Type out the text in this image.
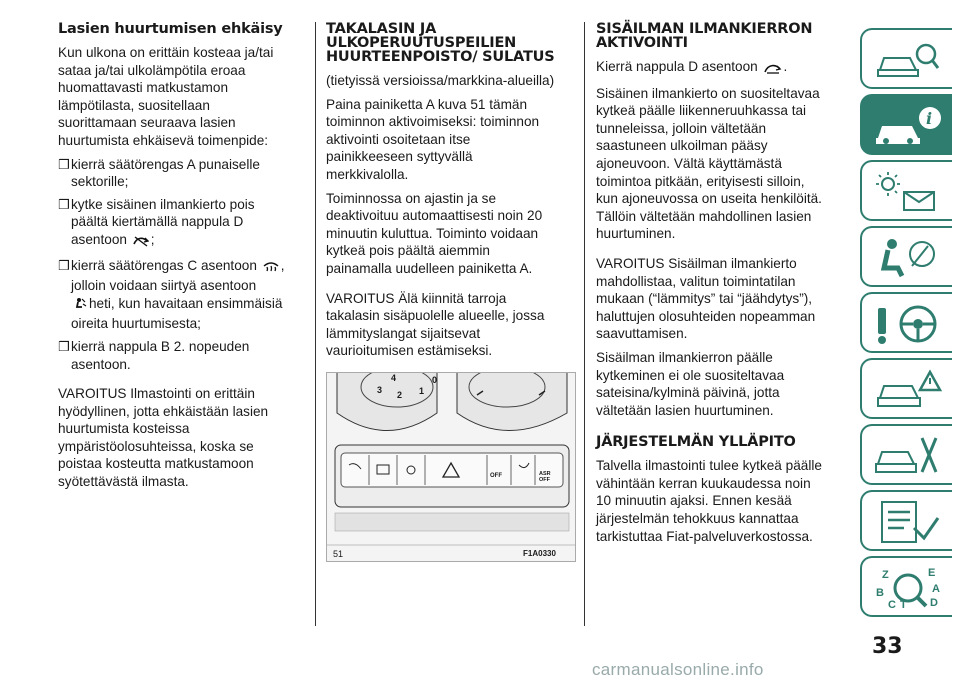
Lasien huurtumisen ehkäisy

Kun ulkona on erittäin kosteaa ja/tai sataa ja/tai ulkolämpötila eroaa huomattavasti matkustamon lämpötilasta, suositellaan suorittamaan seuraava lasien huurtumista ehkäisevä toimenpide:

❒ kierrä säätörengas A punaiselle sektorille;
❒ kytke sisäinen ilmankierto pois päältä kiertämällä nappula D asentoon ;
❒ kierrä säätörengas C asentoon , jolloin voidaan siirtyä asentoon
heti, kun havaitaan ensimmäisiä oireita huurtumisesta;
❒ kierrä nappula B 2. nopeuden asentoon.

VAROITUS Ilmastointi on erittäin hyödyllinen, jotta ehkäistään lasien huurtumista kosteissa ympäristöolosuhteissa, koska se poistaa kosteutta matkustamoon syötettävästä ilmasta.

TAKALASIN JA ULKOPERUUTUSPEILIEN HUURTEENPOISTO/ SULATUS

(tietyissä versioissa/markkina-alueilla)

Paina painiketta A kuva 51 tämän toiminnon aktivoimiseksi: toiminnon aktivointi osoitetaan itse painikkeeseen syttyvällä merkkivalolla.

Toiminnossa on ajastin ja se deaktivoituu automaattisesti noin 20 minuutin kuluttua. Toiminto voidaan kytkeä pois päältä aiemmin painamalla uudelleen painiketta A.

VAROITUS Älä kiinnitä tarroja takalasin sisäpuolelle alueelle, jossa lämmityslangat sijaitsevat vaurioitumisen estämiseksi.

4	0
3 2 1
OFF	ASR OFF
51	F1A0330
SISÄILMAN ILMANKIERRON AKTIVOINTI

Kierrä nappula D asentoon .

Sisäinen ilmankierto on suositeltavaa kytkeä päälle liikenneruuhkassa tai tunneleissa, jolloin vältetään saastuneen ulkoilman pääsy ajoneuvoon. Vältä käyttämästä toimintoa pitkään, erityisesti silloin, kun ajoneuvossa on useita henkilöitä. Tällöin vältetään mahdollinen lasien huurtuminen.

VAROITUS Sisäilman ilmankierto mahdollistaa, valitun toimintatilan mukaan (“lämmitys” tai “jäähdytys”), haluttujen olosuhteiden nopeamman saavuttamisen.

Sisäilman ilmankierron päälle kytkeminen ei ole suositeltavaa sateisina/kylminä päivinä, jotta vältetään lasien huurtuminen.

JÄRJESTELMÄN YLLÄPITO

Talvella ilmastointi tulee kytkeä päälle vähintään kerran kuukaudessa noin 10 minuutin ajaksi. Ennen kesää järjestelmän tehokkuus kannattaa tarkistuttaa Fiat-palveluverkostossa.

i
Z	E
B	A
C T D
33
carmanualsonline.info
